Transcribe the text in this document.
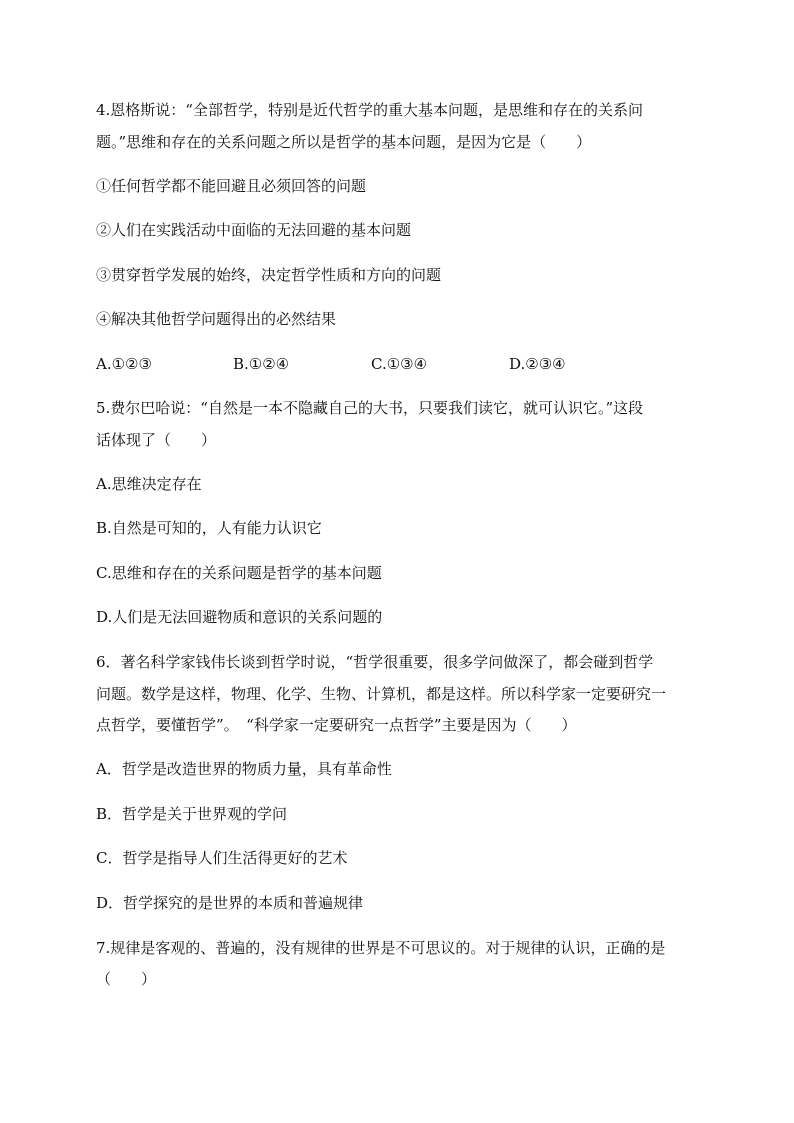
4.恩格斯说：“全部哲学，特别是近代哲学的重大基本问题，是思维和存在的关系问
题。”思维和存在的关系问题之所以是哲学的基本问题，是因为它是（　　）
①任何哲学都不能回避且必须回答的问题
②人们在实践活动中面临的无法回避的基本问题
③贯穿哲学发展的始终，决定哲学性质和方向的问题
④解决其他哲学问题得出的必然结果
A.①②③	B.①②④	C.①③④	D.②③④
5.费尔巴哈说：“自然是一本不隐藏自己的大书，只要我们读它，就可认识它。”这段
话体现了（　　）
A.思维决定存在
B.自然是可知的，人有能力认识它
C.思维和存在的关系问题是哲学的基本问题
D.人们是无法回避物质和意识的关系问题的
6．著名科学家钱伟长谈到哲学时说，“哲学很重要，很多学问做深了，都会碰到哲学
问题。数学是这样，物理、化学、生物、计算机，都是这样。所以科学家一定要研究一
点哲学，要懂哲学”。　“科学家一定要研究一点哲学”主要是因为（　　）
A．哲学是改造世界的物质力量，具有革命性
B．哲学是关于世界观的学问
C．哲学是指导人们生活得更好的艺术
D．哲学探究的是世界的本质和普遍规律
7.规律是客观的、普遍的，没有规律的世界是不可思议的。对于规律的认识，正确的是
（　　）
